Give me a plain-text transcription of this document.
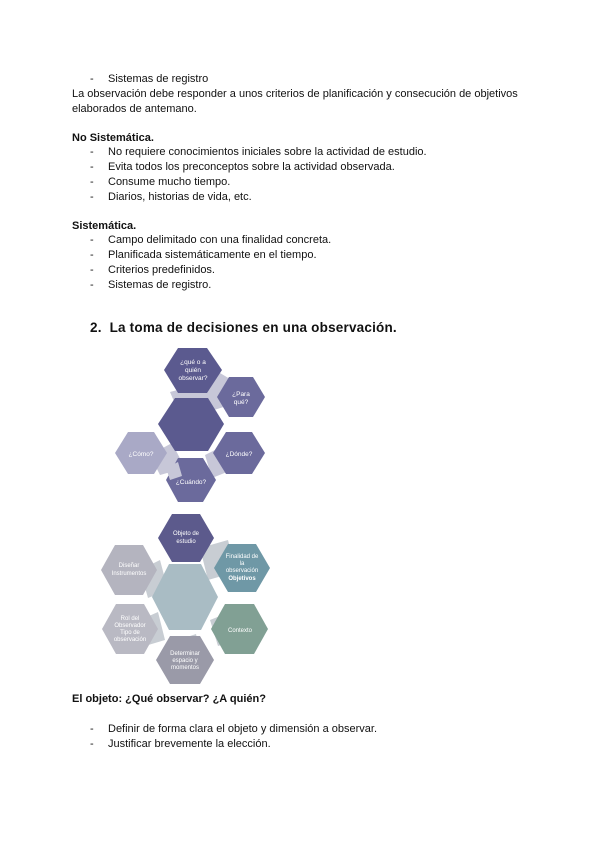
- Sistemas de registro
La observación debe responder a unos criterios de planificación y consecución de objetivos elaborados de antemano.
No Sistemática.
- No requiere conocimientos iniciales sobre la actividad de estudio.
- Evita todos los preconceptos sobre la actividad observada.
- Consume mucho tiempo.
- Diarios, historias de vida, etc.
Sistemática.
- Campo delimitado con una finalidad concreta.
- Planificada sistemáticamente en el tiempo.
- Criterios predefinidos.
- Sistemas de registro.
2. La toma de decisiones en una observación.
¿qué o a
quién
observar?
¿Para
qué?
¿Dónde?
¿Cuándo?
¿Cómo?
Objeto de
estudio
Finalidad de
la
observación
Objetivos
Contexto
Determinar
espacio y
momentos
Rol del
Observador
Tipo de
observación
Diseñar
Instrumentos
El objeto: ¿Qué observar? ¿A quién?
- Definir de forma clara el objeto y dimensión a observar.
- Justificar brevemente la elección.
